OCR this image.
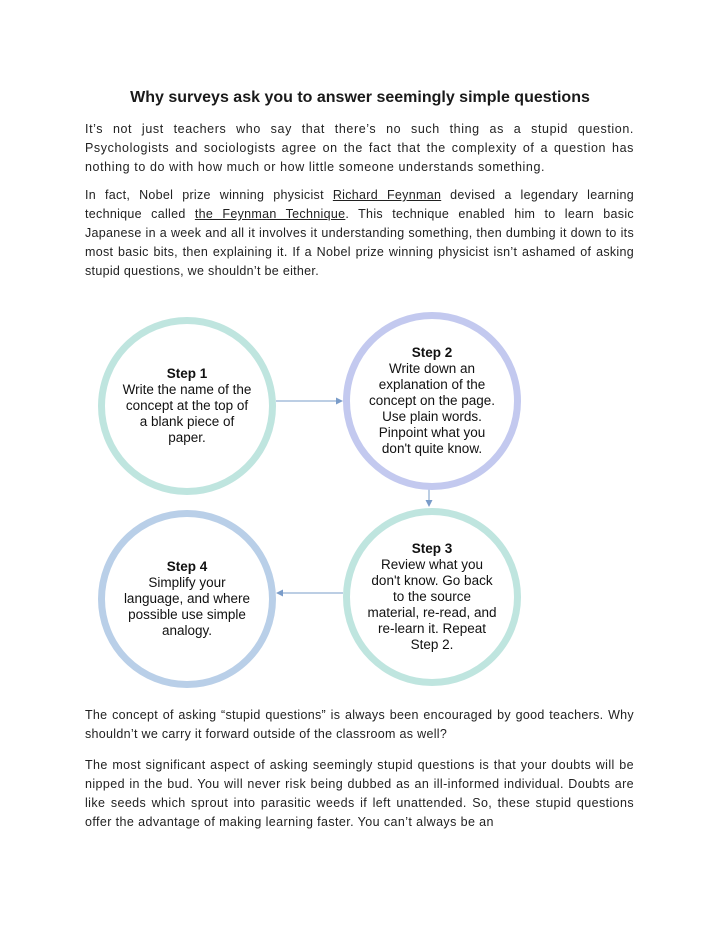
Why surveys ask you to answer seemingly simple questions
It’s not just teachers who say that there’s no such thing as a stupid question. Psychologists and sociologists agree on the fact that the complexity of a question has nothing to do with how much or how little someone understands something.
In fact, Nobel prize winning physicist Richard Feynman devised a legendary learning technique called the Feynman Technique. This technique enabled him to learn basic Japanese in a week and all it involves it understanding something, then dumbing it down to its most basic bits, then explaining it. If a Nobel prize winning physicist isn’t ashamed of asking stupid questions, we shouldn’t be either.
Step 1
Write the name of the concept at the top of a blank piece of paper.
Step 2
Write down an explanation of the concept on the page. Use plain words. Pinpoint what you don't quite know.
Step 3
Review what you don't know. Go back to the source material, re-read, and re-learn it. Repeat Step 2.
Step 4
Simplify your language, and where possible use simple analogy.
The concept of asking “stupid questions” is always been encouraged by good teachers. Why shouldn’t we carry it forward outside of the classroom as well?
The most significant aspect of asking seemingly stupid questions is that your doubts will be nipped in the bud. You will never risk being dubbed as an ill-informed individual. Doubts are like seeds which sprout into parasitic weeds if left unattended. So, these stupid questions offer the advantage of making learning faster. You can’t always be an
